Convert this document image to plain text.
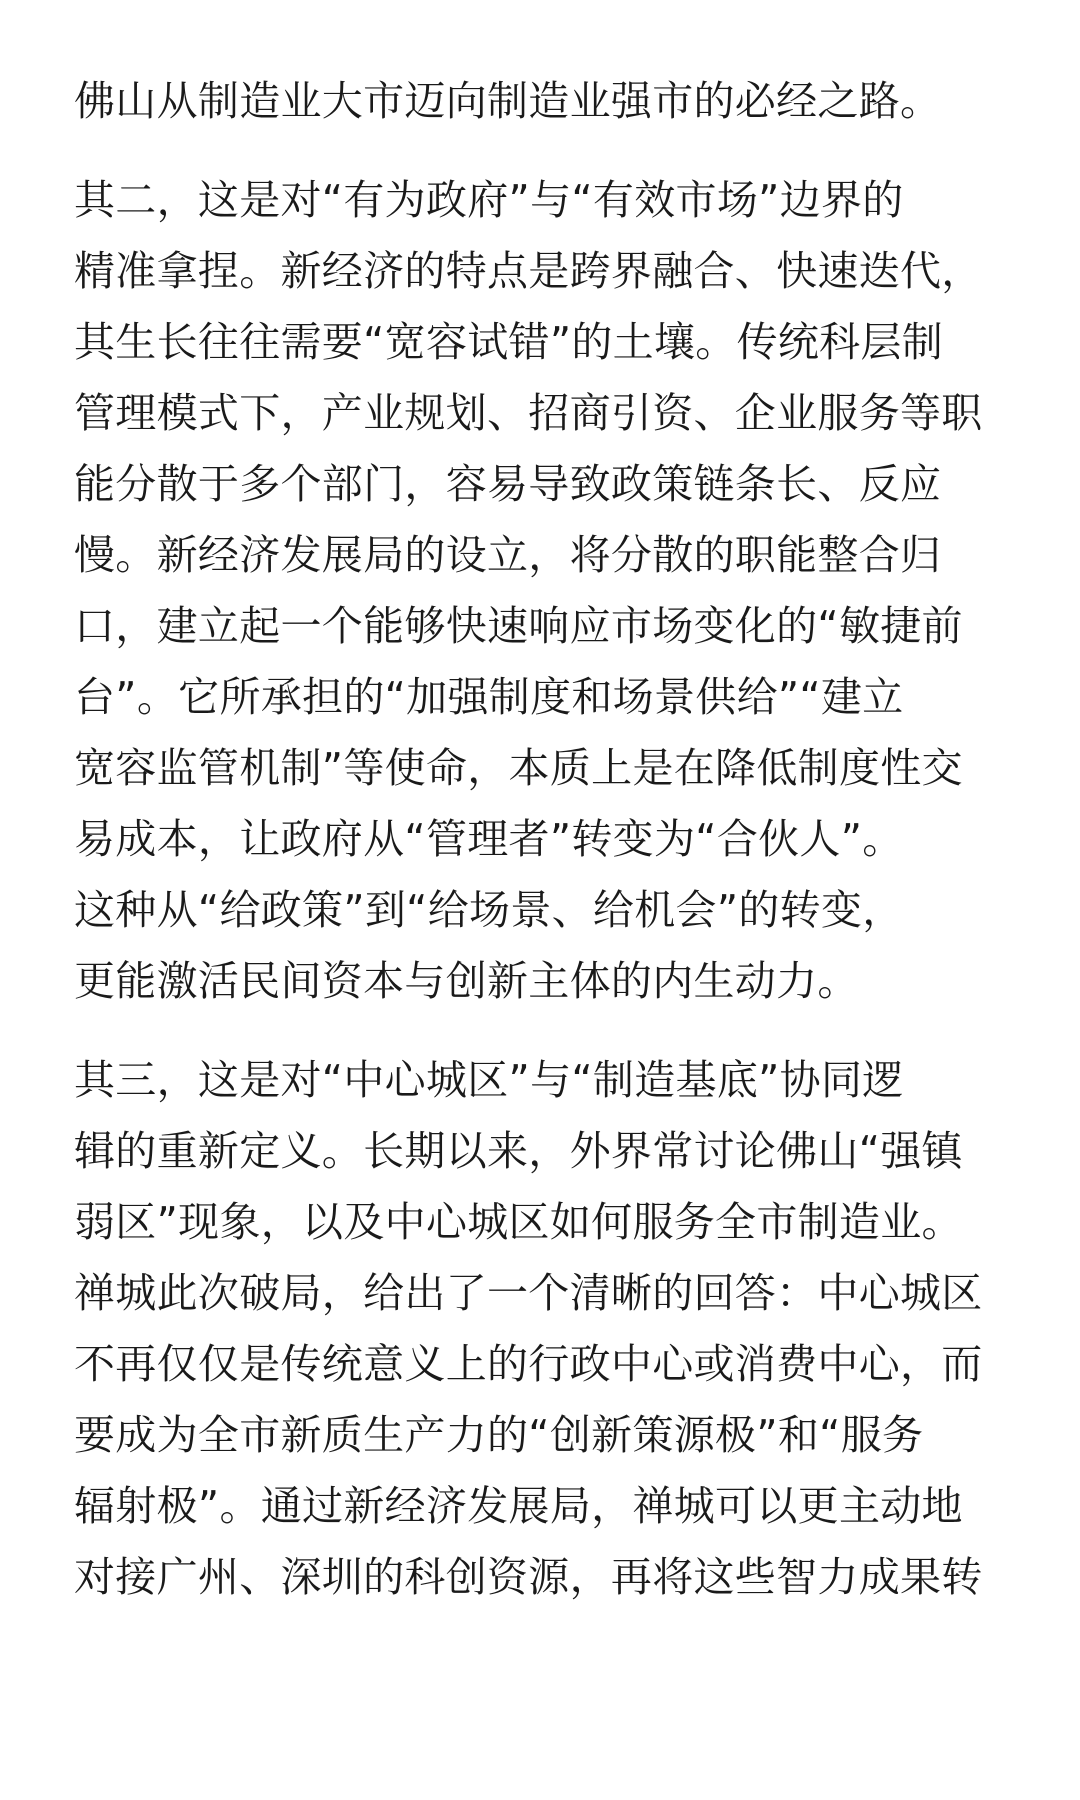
佛山从制造业大市迈向制造业强市的必经之路。
其二，这是对“有为政府”与“有效市场”边界的
精准拿捏。新经济的特点是跨界融合、快速迭代，
其生长往往需要“宽容试错”的土壤。传统科层制
管理模式下，产业规划、招商引资、企业服务等职
能分散于多个部门，容易导致政策链条长、反应
慢。新经济发展局的设立，将分散的职能整合归
口，建立起一个能够快速响应市场变化的“敏捷前
台”。它所承担的“加强制度和场景供给”“建立
宽容监管机制”等使命，本质上是在降低制度性交
易成本，让政府从“管理者”转变为“合伙人”。
这种从“给政策”到“给场景、给机会”的转变，
更能激活民间资本与创新主体的内生动力。
其三，这是对“中心城区”与“制造基底”协同逻
辑的重新定义。长期以来，外界常讨论佛山“强镇
弱区”现象，以及中心城区如何服务全市制造业。
禅城此次破局，给出了一个清晰的回答：中心城区
不再仅仅是传统意义上的行政中心或消费中心，而
要成为全市新质生产力的“创新策源极”和“服务
辐射极”。通过新经济发展局，禅城可以更主动地
对接广州、深圳的科创资源，再将这些智力成果转
